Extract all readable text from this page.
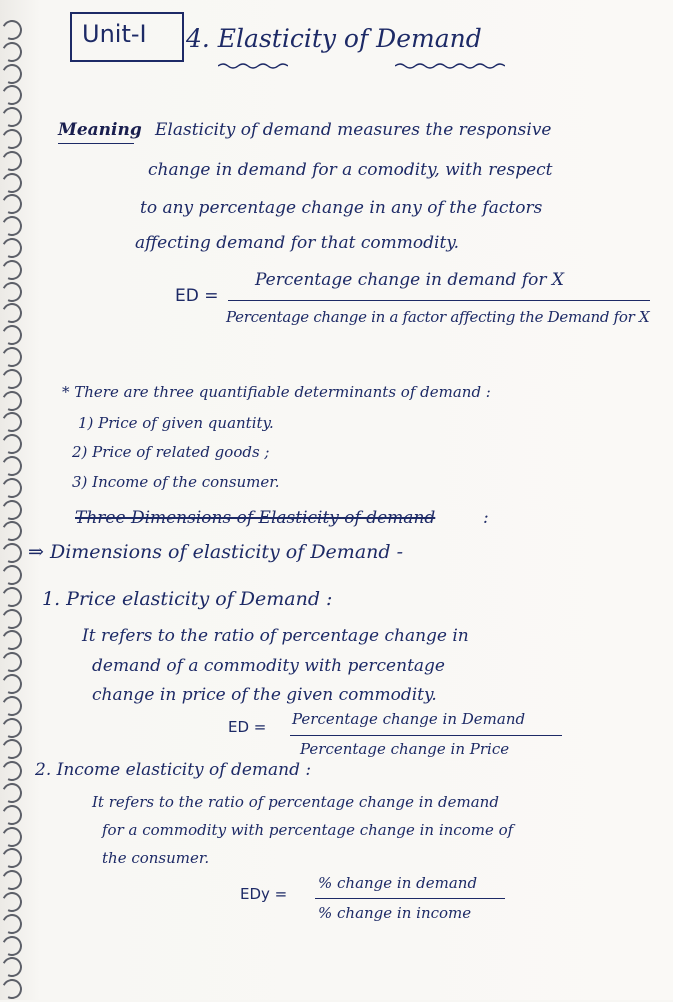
Unit-I 4. Elasticity of Demand
Meaning Elasticity of demand measures the responsive
change in demand for a comodity, with respect
to any percentage change in any of the factors
affecting demand for that commodity.
ED =
Percentage change in demand for X
Percentage change in a factor affecting the Demand for X
* There are three quantifiable determinants of demand :
1) Price of given quantity.
2) Price of related goods ;
3) Income of the consumer.
Three Dimensions of Elasticity of demand	:
⇒ Dimensions of elasticity of Demand -
1. Price elasticity of Demand :
It refers to the ratio of percentage change in
demand of a commodity with percentage
change in price of the given commodity.
ED = Percentage change in Demand
Percentage change in Price
2. Income elasticity of demand :
It refers to the ratio of percentage change in demand
for a commodity with percentage change in income of
the consumer.
EDy =
% change in demand
% change in income
